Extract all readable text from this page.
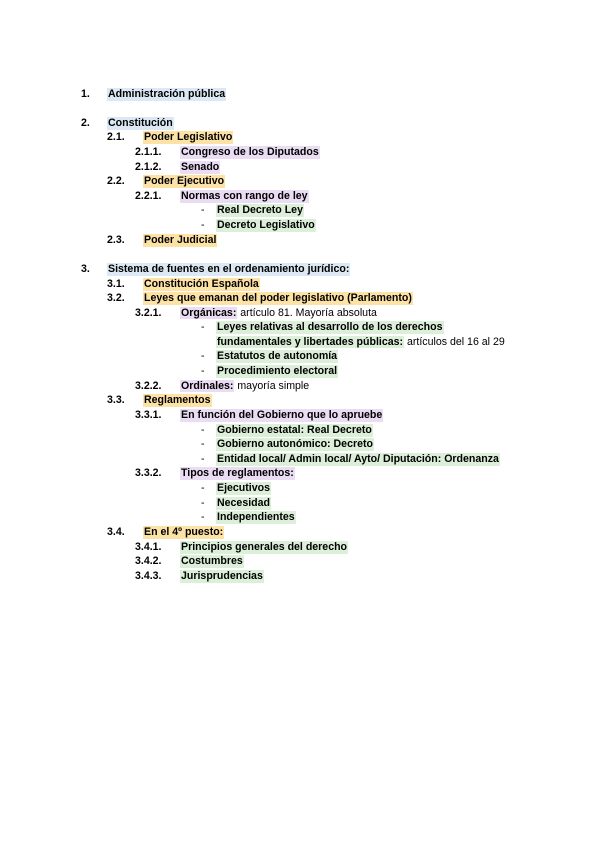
1. Administración pública
2. Constitución
2.1. Poder Legislativo
2.1.1. Congreso de los Diputados
2.1.2. Senado
2.2. Poder Ejecutivo
2.2.1. Normas con rango de ley
- Real Decreto Ley
- Decreto Legislativo
2.3. Poder Judicial
3. Sistema de fuentes en el ordenamiento jurídico:
3.1. Constitución Española
3.2. Leyes que emanan del poder legislativo (Parlamento)
3.2.1. Orgánicas: artículo 81. Mayoría absoluta
- Leyes relativas al desarrollo de los derechos
fundamentales y libertades públicas: artículos del 16 al 29
- Estatutos de autonomía
- Procedimiento electoral
3.2.2. Ordinales: mayoría simple
3.3. Reglamentos
3.3.1. En función del Gobierno que lo apruebe
- Gobierno estatal: Real Decreto
- Gobierno autonómico: Decreto
- Entidad local/ Admin local/ Ayto/ Diputación: Ordenanza
3.3.2. Tipos de reglamentos:
- Ejecutivos
- Necesidad
- Independientes
3.4. En el 4º puesto:
3.4.1. Principios generales del derecho
3.4.2. Costumbres
3.4.3. Jurisprudencias
